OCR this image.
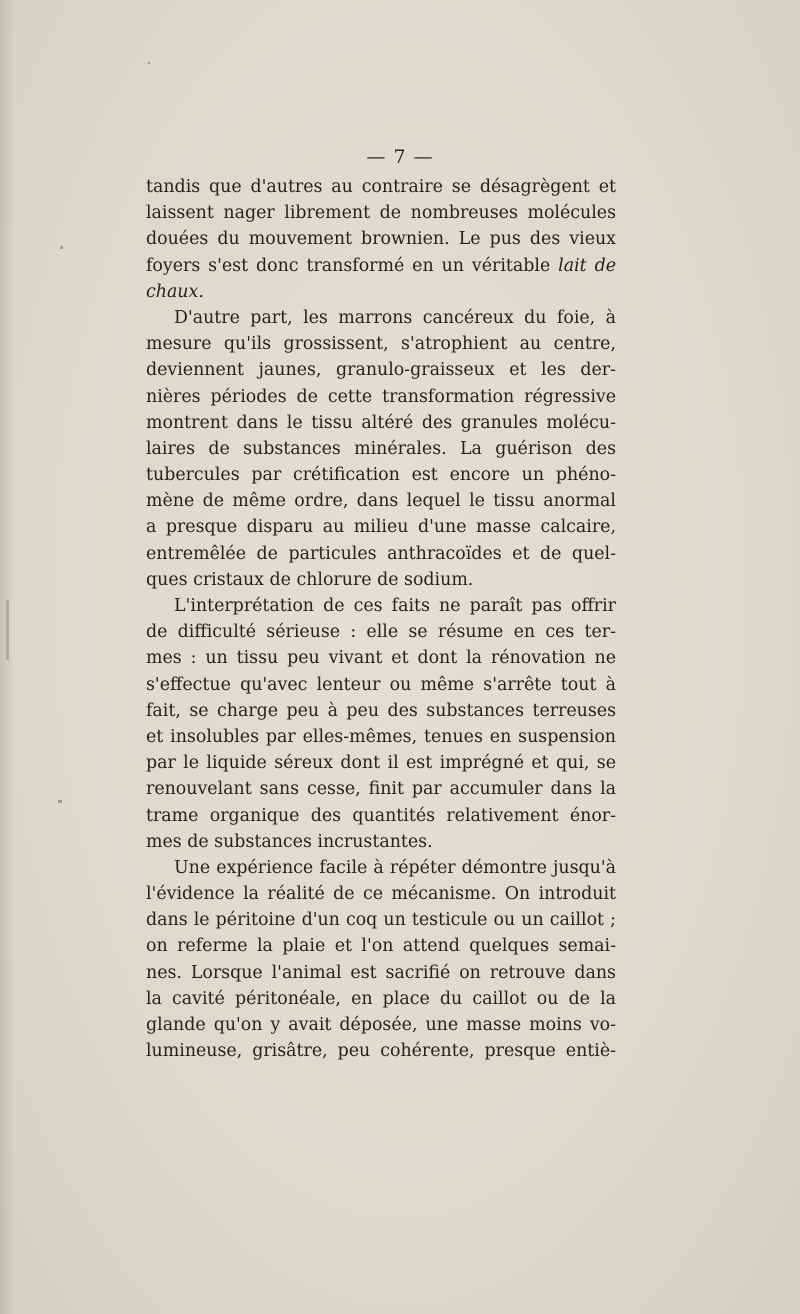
— 7 —
tandis que d'autres au contraire se désagrègent et
laissent nager librement de nombreuses molécules
douées du mouvement brownien. Le pus des vieux
foyers s'est donc transformé en un véritable lait de
chaux.
D'autre part, les marrons cancéreux du foie, à
mesure qu'ils grossissent, s'atrophient au centre,
deviennent jaunes, granulo-graisseux et les der-
nières périodes de cette transformation régressive
montrent dans le tissu altéré des granules molécu-
laires de substances minérales. La guérison des
tubercules par crétification est encore un phéno-
mène de même ordre, dans lequel le tissu anormal
a presque disparu au milieu d'une masse calcaire,
entremêlée de particules anthracoïdes et de quel-
ques cristaux de chlorure de sodium.
L'interprétation de ces faits ne paraît pas offrir
de difficulté sérieuse : elle se résume en ces ter-
mes : un tissu peu vivant et dont la rénovation ne
s'effectue qu'avec lenteur ou même s'arrête tout à
fait, se charge peu à peu des substances terreuses
et insolubles par elles-mêmes, tenues en suspension
par le liquide séreux dont il est imprégné et qui, se
renouvelant sans cesse, finit par accumuler dans la
trame organique des quantités relativement énor-
mes de substances incrustantes.
Une expérience facile à répéter démontre jusqu'à
l'évidence la réalité de ce mécanisme. On introduit
dans le péritoine d'un coq un testicule ou un caillot ;
on referme la plaie et l'on attend quelques semai-
nes. Lorsque l'animal est sacrifié on retrouve dans
la cavité péritonéale, en place du caillot ou de la
glande qu'on y avait déposée, une masse moins vo-
lumineuse, grisâtre, peu cohérente, presque entiè-
